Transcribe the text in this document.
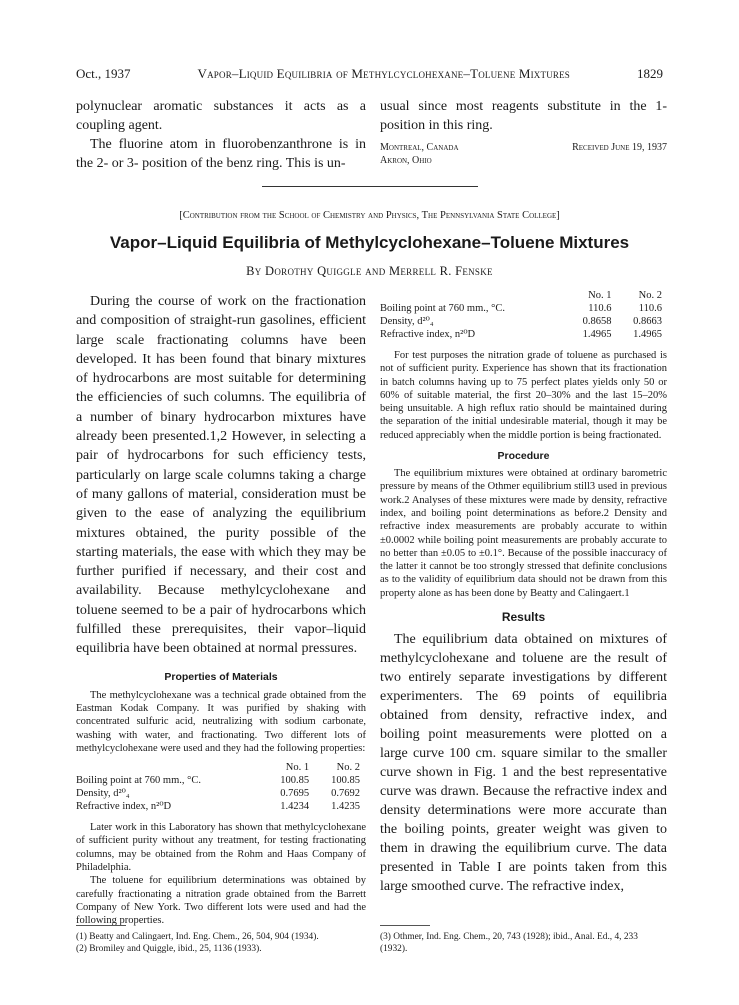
Oct., 1937	Vapor–Liquid Equilibria of Methylcyclohexane–Toluene Mixtures	1829

polynuclear aromatic substances it acts as a coupling agent.

The fluorine atom in fluorobenzanthrone is in the 2- or 3- position of the benz ring. This is un-

usual since most reagents substitute in the 1-position in this ring.

Montreal, Canada	Received June 19, 1937
Akron, Ohio
[Contribution from the School of Chemistry and Physics, The Pennsylvania State College]
Vapor–Liquid Equilibria of Methylcyclohexane–Toluene Mixtures
By Dorothy Quiggle and Merrell R. Fenske

During the course of work on the fractionation and composition of straight-run gasolines, efficient large scale fractionating columns have been developed. It has been found that binary mixtures of hydrocarbons are most suitable for determining the efficiencies of such columns. The equilibria of a number of binary hydrocarbon mixtures have already been presented.1,2 However, in selecting a pair of hydrocarbons for such efficiency tests, particularly on large scale columns taking a charge of many gallons of material, consideration must be given to the ease of analyzing the equilibrium mixtures obtained, the purity possible of the starting materials, the ease with which they may be further purified if necessary, and their cost and availability. Because methylcyclohexane and toluene seemed to be a pair of hydrocarbons which fulfilled these prerequisites, their vapor–liquid equilibria have been obtained at normal pressures.

Properties of Materials

The methylcyclohexane was a technical grade obtained from the Eastman Kodak Company. It was purified by shaking with concentrated sulfuric acid, neutralizing with sodium carbonate, washing with water, and fractionating. Two different lots of methylcyclohexane were used and they had the following properties:

	No. 1	No. 2
Boiling point at 760 mm., °C.	100.85	100.85
Density, d²⁰₄	0.7695	0.7692
Refractive index, n²⁰D	1.4234	1.4235

Later work in this Laboratory has shown that methylcyclohexane of sufficient purity without any treatment, for testing fractionating columns, may be obtained from the Rohm and Haas Company of Philadelphia.

The toluene for equilibrium determinations was obtained by carefully fractionating a nitration grade obtained from the Barrett Company of New York. Two different lots were used and had the following properties.

(1) Beatty and Calingaert, Ind. Eng. Chem., 26, 504, 904 (1934).

(2) Bromiley and Quiggle, ibid., 25, 1136 (1933).

	No. 1	No. 2
Boiling point at 760 mm., °C.	110.6	110.6
Density, d²⁰₄	0.8658	0.8663
Refractive index, n²⁰D	1.4965	1.4965

For test purposes the nitration grade of toluene as purchased is not of sufficient purity. Experience has shown that its fractionation in batch columns having up to 75 perfect plates yields only 50 or 60% of suitable material, the first 20–30% and the last 15–20% being unsuitable. A high reflux ratio should be maintained during the separation of the initial undesirable material, though it may be reduced appreciably when the middle portion is being fractionated.

Procedure

The equilibrium mixtures were obtained at ordinary barometric pressure by means of the Othmer equilibrium still3 used in previous work.2 Analyses of these mixtures were made by density, refractive index, and boiling point determinations as before.2 Density and refractive index measurements are probably accurate to within ±0.0002 while boiling point measurements are probably accurate to no better than ±0.05 to ±0.1°. Because of the possible inaccuracy of the latter it cannot be too strongly stressed that definite conclusions as to the validity of equilibrium data should not be drawn from this property alone as has been done by Beatty and Calingaert.1

Results

The equilibrium data obtained on mixtures of methylcyclohexane and toluene are the result of two entirely separate investigations by different experimenters. The 69 points of equilibria obtained from density, refractive index, and boiling point measurements were plotted on a large curve 100 cm. square similar to the smaller curve shown in Fig. 1 and the best representative curve was drawn. Because the refractive index and density determinations were more accurate than the boiling points, greater weight was given to them in drawing the equilibrium curve. The data presented in Table I are points taken from this large smoothed curve. The refractive index,

(3) Othmer, Ind. Eng. Chem., 20, 743 (1928); ibid., Anal. Ed., 4, 233 (1932).
